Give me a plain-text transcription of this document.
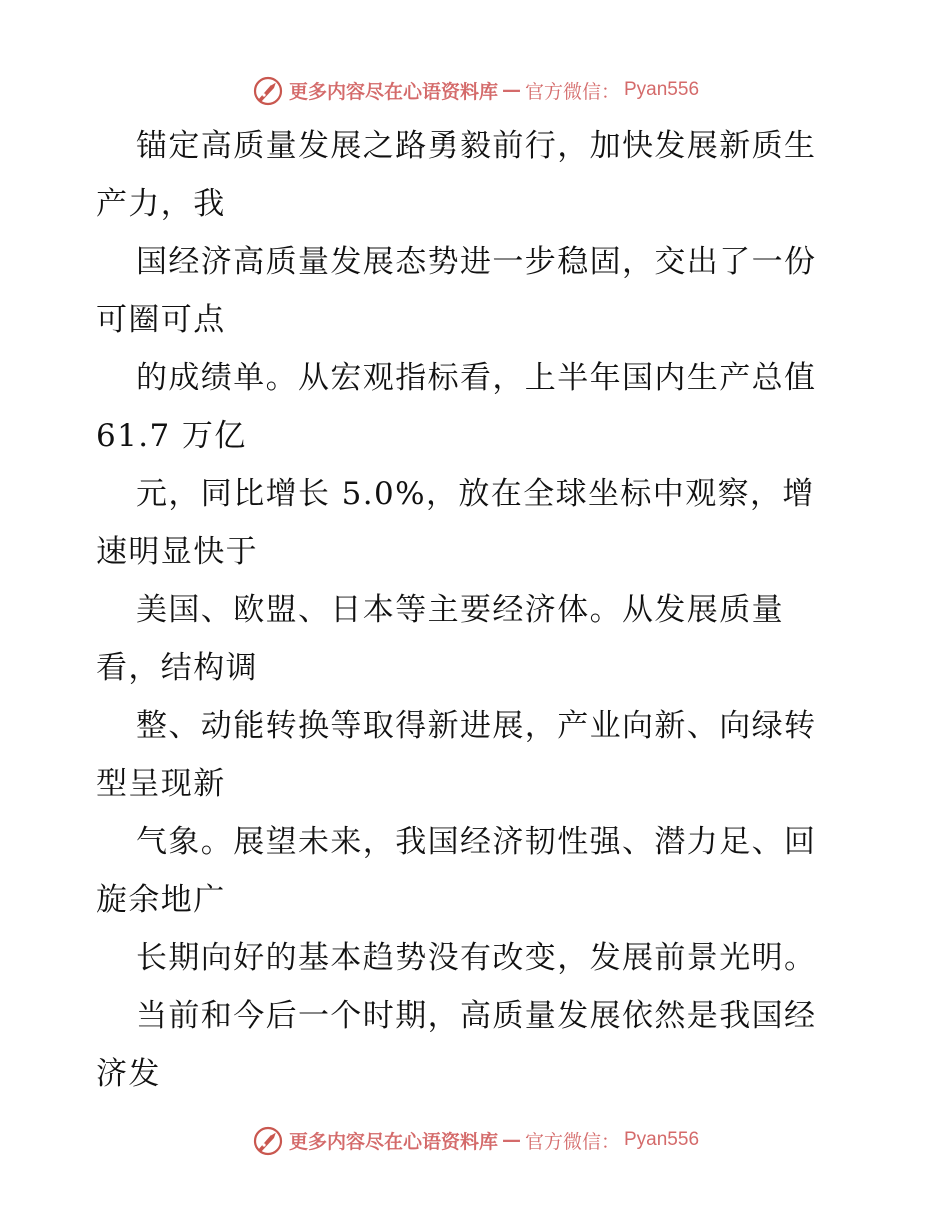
更多内容尽在心语资料库 — 官方微信： Pyan556
锚定高质量发展之路勇毅前行，加快发展新质生
产力，我
国经济高质量发展态势进一步稳固，交出了一份
可圈可点
的成绩单。从宏观指标看，上半年国内生产总值
61.7 万亿
元，同比增长 5.0%，放在全球坐标中观察，增
速明显快于
美国、欧盟、日本等主要经济体。从发展质量
看，结构调
整、动能转换等取得新进展，产业向新、向绿转
型呈现新
气象。展望未来，我国经济韧性强、潜力足、回
旋余地广
长期向好的基本趋势没有改变，发展前景光明。
当前和今后一个时期，高质量发展依然是我国经
济发
更多内容尽在心语资料库 — 官方微信： Pyan556
